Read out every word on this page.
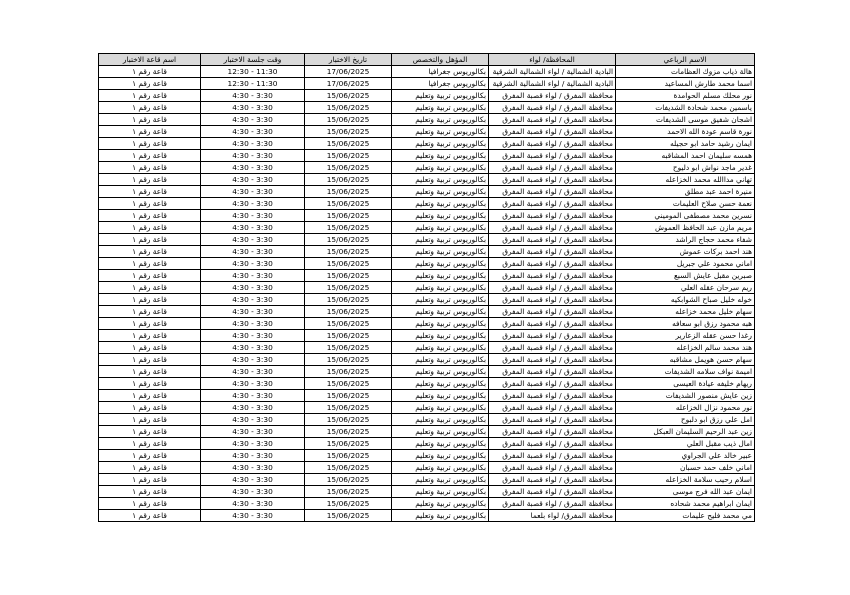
الاسم الرباعي	المحافظة/ لواء	المؤهل والتخصص	تاريخ الاختبار	وقت جلسة الاختبار	اسم قاعة الاختبار
هالة ذياب مزوك العظامات	البادية الشمالية / لواء الشمالية الشرقية	بكالوريوس جغرافيا	17/06/2025	12:30 - 11:30	قاعة رقم ١
اسما محمد طارش المساعيد	البادية الشمالية / لواء الشمالية الشرقية	بكالوريوس جغرافيا	17/06/2025	12:30 - 11:30	قاعة رقم ١
نور محلك مسلم الحوامدة	محافظة المفرق / لواء قصبة المفرق	بكالوريوس تربية وتعليم	15/06/2025	4:30 - 3:30	قاعة رقم ١
ياسمين محمد شحادة الشديفات	محافظة المفرق / لواء قصبة المفرق	بكالوريوس تربية وتعليم	15/06/2025	4:30 - 3:30	قاعة رقم ١
اشجان شفيق موسى الشديفات	محافظة المفرق / لواء قصبة المفرق	بكالوريوس تربية وتعليم	15/06/2025	4:30 - 3:30	قاعة رقم ١
نورة قاسم عودة الله الاحمد	محافظة المفرق / لواء قصبة المفرق	بكالوريوس تربية وتعليم	15/06/2025	4:30 - 3:30	قاعة رقم ١
ايمان رشيد حامد ابو حجيله	محافظة المفرق / لواء قصبة المفرق	بكالوريوس تربية وتعليم	15/06/2025	4:30 - 3:30	قاعة رقم ١
همسه سليمان احمد المشاقبه	محافظة المفرق / لواء قصبة المفرق	بكالوريوس تربية وتعليم	15/06/2025	4:30 - 3:30	قاعة رقم ١
غدير ماجد نواش ابو دليوح	محافظة المفرق / لواء قصبة المفرق	بكالوريوس تربية وتعليم	15/06/2025	4:30 - 3:30	قاعة رقم ١
تهاني مداالله محمد الخزاعله	محافظة المفرق / لواء قصبة المفرق	بكالوريوس تربية وتعليم	15/06/2025	4:30 - 3:30	قاعة رقم ١
منيرة احمد عبد مطلق	محافظة المفرق / لواء قصبة المفرق	بكالوريوس تربية وتعليم	15/06/2025	4:30 - 3:30	قاعة رقم ١
نعمة حسن صلاح العليمات	محافظة المفرق / لواء قصبة المفرق	بكالوريوس تربية وتعليم	15/06/2025	4:30 - 3:30	قاعة رقم ١
نسرين محمد مصطفى الموميني	محافظة المفرق / لواء قصبة المفرق	بكالوريوس تربية وتعليم	15/06/2025	4:30 - 3:30	قاعة رقم ١
مريم مازن عبد الحافظ العموش	محافظة المفرق / لواء قصبة المفرق	بكالوريوس تربية وتعليم	15/06/2025	4:30 - 3:30	قاعة رقم ١
شفاء محمد حجاج الراشد	محافظة المفرق / لواء قصبة المفرق	بكالوريوس تربية وتعليم	15/06/2025	4:30 - 3:30	قاعة رقم ١
هند احمد بركات عموش	محافظة المفرق / لواء قصبة المفرق	بكالوريوس تربية وتعليم	15/06/2025	4:30 - 3:30	قاعة رقم ١
اماني محمود علي جبريل	محافظة المفرق / لواء قصبة المفرق	بكالوريوس تربية وتعليم	15/06/2025	4:30 - 3:30	قاعة رقم ١
صبرين مقبل عايش السبع	محافظة المفرق / لواء قصبة المفرق	بكالوريوس تربية وتعليم	15/06/2025	4:30 - 3:30	قاعة رقم ١
ريم سرحان عقله العلي	محافظة المفرق / لواء قصبة المفرق	بكالوريوس تربية وتعليم	15/06/2025	4:30 - 3:30	قاعة رقم ١
خوله خليل صباح الشوابكيه	محافظة المفرق / لواء قصبة المفرق	بكالوريوس تربية وتعليم	15/06/2025	4:30 - 3:30	قاعة رقم ١
سهام خليل محمد خزاعله	محافظة المفرق / لواء قصبة المفرق	بكالوريوس تربية وتعليم	15/06/2025	4:30 - 3:30	قاعة رقم ١
هبه محمود رزق ابو سعافه	محافظة المفرق / لواء قصبة المفرق	بكالوريوس تربية وتعليم	15/06/2025	4:30 - 3:30	قاعة رقم ١
رغدا حسن عقله الزعارير	محافظة المفرق / لواء قصبة المفرق	بكالوريوس تربية وتعليم	15/06/2025	4:30 - 3:30	قاعة رقم ١
هند محمد سالم الخزاعله	محافظة المفرق / لواء قصبة المفرق	بكالوريوس تربية وتعليم	15/06/2025	4:30 - 3:30	قاعة رقم ١
سهام حسن هويمل مشاقبه	محافظة المفرق / لواء قصبة المفرق	بكالوريوس تربية وتعليم	15/06/2025	4:30 - 3:30	قاعة رقم ١
اميمة نواف سلامه الشديفات	محافظة المفرق / لواء قصبة المفرق	بكالوريوس تربية وتعليم	15/06/2025	4:30 - 3:30	قاعة رقم ١
ريهام خليفه عيادة العيسى	محافظة المفرق / لواء قصبة المفرق	بكالوريوس تربية وتعليم	15/06/2025	4:30 - 3:30	قاعة رقم ١
زين عايش منصور الشديفات	محافظة المفرق / لواء قصبة المفرق	بكالوريوس تربية وتعليم	15/06/2025	4:30 - 3:30	قاعة رقم ١
نور محمود نزال الخزاعله	محافظة المفرق / لواء قصبة المفرق	بكالوريوس تربية وتعليم	15/06/2025	4:30 - 3:30	قاعة رقم ١
امل علي رزق ابو دلبوح	محافظة المفرق / لواء قصبة المفرق	بكالوريوس تربية وتعليم	15/06/2025	4:30 - 3:30	قاعة رقم ١
زين عبد الرحيم السليمان العبكل	محافظة المفرق / لواء قصبة المفرق	بكالوريوس تربية وتعليم	15/06/2025	4:30 - 3:30	قاعة رقم ١
امال ذيب مقبل العلي	محافظة المفرق / لواء قصبة المفرق	بكالوريوس تربية وتعليم	15/06/2025	4:30 - 3:30	قاعة رقم ١
عبير خالد علي الجراوي	محافظة المفرق / لواء قصبة المفرق	بكالوريوس تربية وتعليم	15/06/2025	4:30 - 3:30	قاعة رقم ١
اماني خلف حمد حسبان	محافظة المفرق / لواء قصبة المفرق	بكالوريوس تربية وتعليم	15/06/2025	4:30 - 3:30	قاعة رقم ١
اسلام رحيب سلامة الخزاعله	محافظة المفرق / لواء قصبة المفرق	بكالوريوس تربية وتعليم	15/06/2025	4:30 - 3:30	قاعة رقم ١
ايمان عبد الله فرج موسى	محافظة المفرق / لواء قصبة المفرق	بكالوريوس تربية وتعليم	15/06/2025	4:30 - 3:30	قاعة رقم ١
ايمان ابراهيم محمد شحاده	محافظة المفرق / لواء قصبة المفرق	بكالوريوس تربية وتعليم	15/06/2025	4:30 - 3:30	قاعة رقم ١
مي محمد فليح عليمات	محافظة المفرق/ لواء بلعما	بكالوريوس تربية وتعليم	15/06/2025	4:30 - 3:30	قاعة رقم ١
